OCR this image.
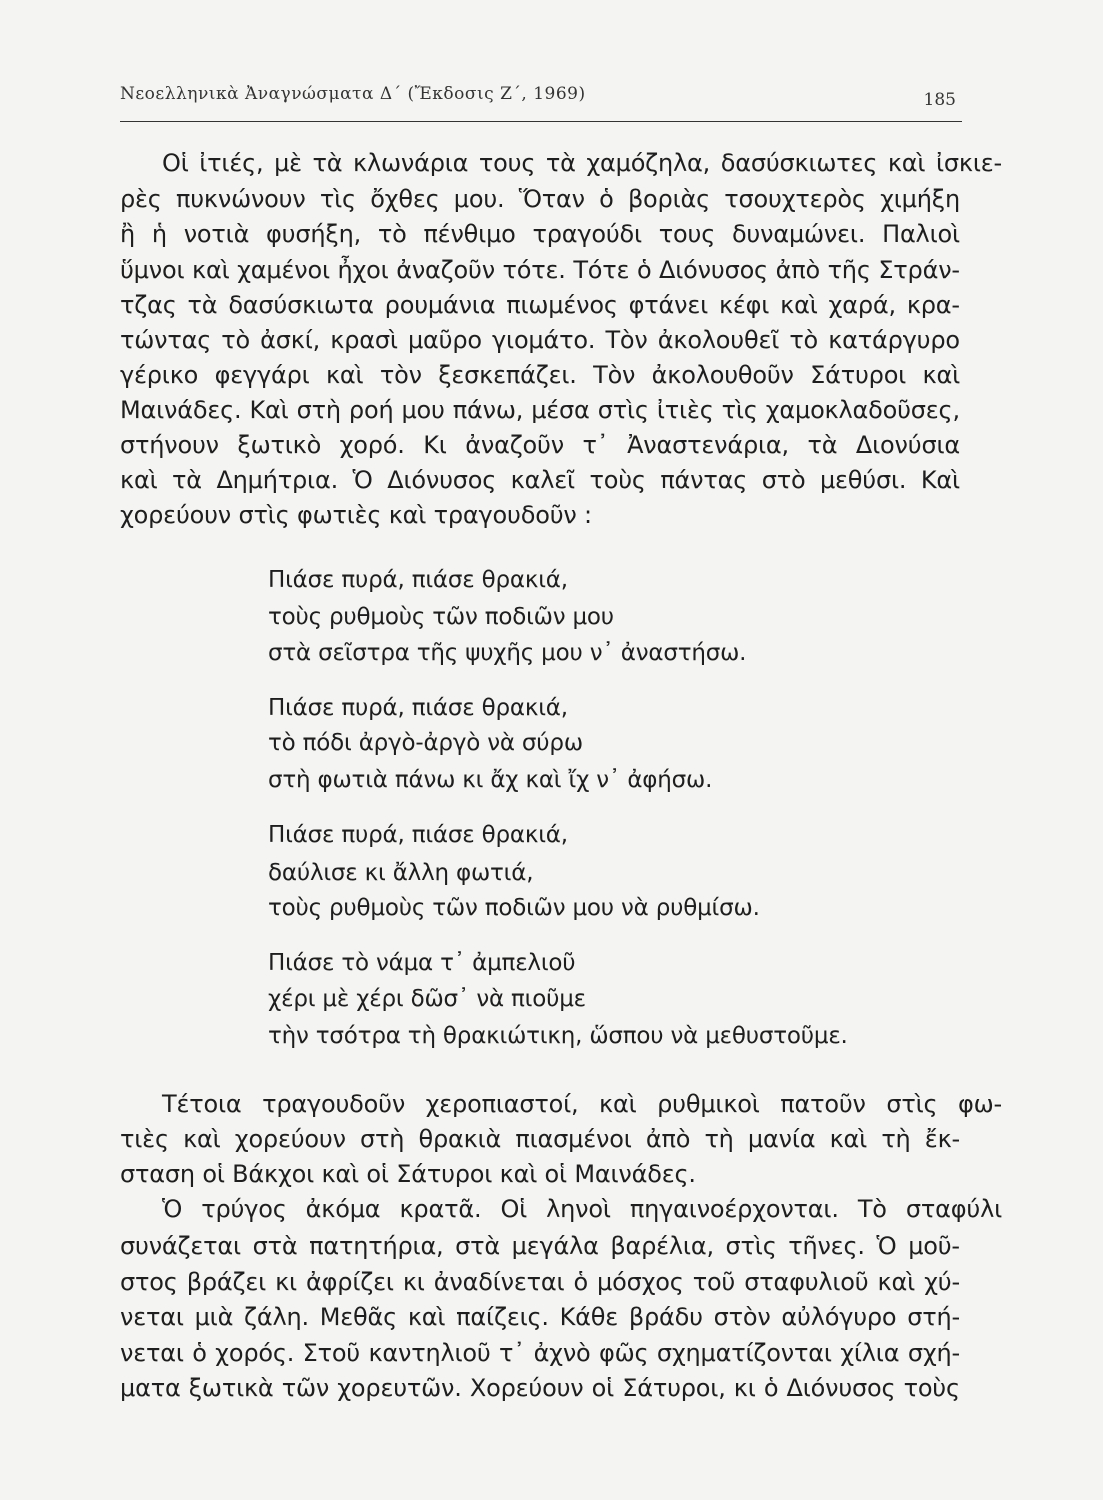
Νεοελληνικὰ Ἀναγνώσματα Δ΄ (Ἔκδοσις Ζ΄, 1969)	185
Οἱ ἰτιές, μὲ τὰ κλωνάρια τους τὰ χαμόζηλα, δασύσκιωτες καὶ ἰσκιε-
ρὲς πυκνώνουν τὶς ὄχθες μου. Ὅταν ὁ βοριὰς τσουχτερὸς χιμήξη
ἢ ἡ νοτιὰ φυσήξη, τὸ πένθιμο τραγούδι τους δυναμώνει. Παλιοὶ
ὕμνοι καὶ χαμένοι ἦχοι ἀναζοῦν τότε. Τότε ὁ Διόνυσος ἀπὸ τῆς Στράν-
τζας τὰ δασύσκιωτα ρουμάνια πιωμένος φτάνει κέφι καὶ χαρά, κρα-
τώντας τὸ ἀσκί, κρασὶ μαῦρο γιομάτο. Τὸν ἀκολουθεῖ τὸ κατάργυρο
γέρικο φεγγάρι καὶ τὸν ξεσκεπάζει. Τὸν ἀκολουθοῦν Σάτυροι καὶ
Μαινάδες. Καὶ στὴ ροή μου πάνω, μέσα στὶς ἰτιὲς τὶς χαμοκλαδοῦσες,
στήνουν ξωτικὸ χορό. Κι ἀναζοῦν τ᾽ Ἀναστενάρια, τὰ Διονύσια
καὶ τὰ Δημήτρια. Ὁ Διόνυσος καλεῖ τοὺς πάντας στὸ μεθύσι. Καὶ
χορεύουν στὶς φωτιὲς καὶ τραγουδοῦν :
Πιάσε πυρά, πιάσε θρακιά,
τοὺς ρυθμοὺς τῶν ποδιῶν μου
στὰ σεῖστρα τῆς ψυχῆς μου ν᾽ ἀναστήσω.
Πιάσε πυρά, πιάσε θρακιά,
τὸ πόδι ἀργὸ-ἀργὸ νὰ σύρω
στὴ φωτιὰ πάνω κι ἄχ καὶ ἴχ ν᾽ ἀφήσω.
Πιάσε πυρά, πιάσε θρακιά,
δαύλισε κι ἄλλη φωτιά,
τοὺς ρυθμοὺς τῶν ποδιῶν μου νὰ ρυθμίσω.
Πιάσε τὸ νάμα τ᾽ ἀμπελιοῦ
χέρι μὲ χέρι δῶσ᾽ νὰ πιοῦμε
τὴν τσότρα τὴ θρακιώτικη, ὥσπου νὰ μεθυστοῦμε.
Τέτοια τραγουδοῦν χεροπιαστοί, καὶ ρυθμικοὶ πατοῦν στὶς φω-
τιὲς καὶ χορεύουν στὴ θρακιὰ πιασμένοι ἀπὸ τὴ μανία καὶ τὴ ἔκ-
σταση οἱ Βάκχοι καὶ οἱ Σάτυροι καὶ οἱ Μαινάδες.
Ὁ τρύγος ἀκόμα κρατᾶ. Οἱ ληνοὶ πηγαινοέρχονται. Τὸ σταφύλι
συνάζεται στὰ πατητήρια, στὰ μεγάλα βαρέλια, στὶς τῆνες. Ὁ μοῦ-
στος βράζει κι ἀφρίζει κι ἀναδίνεται ὁ μόσχος τοῦ σταφυλιοῦ καὶ χύ-
νεται μιὰ ζάλη. Μεθᾶς καὶ παίζεις. Κάθε βράδυ στὸν αὐλόγυρο στή-
νεται ὁ χορός. Στοῦ καντηλιοῦ τ᾽ ἀχνὸ φῶς σχηματίζονται χίλια σχή-
ματα ξωτικὰ τῶν χορευτῶν. Χορεύουν οἱ Σάτυροι, κι ὁ Διόνυσος τοὺς
